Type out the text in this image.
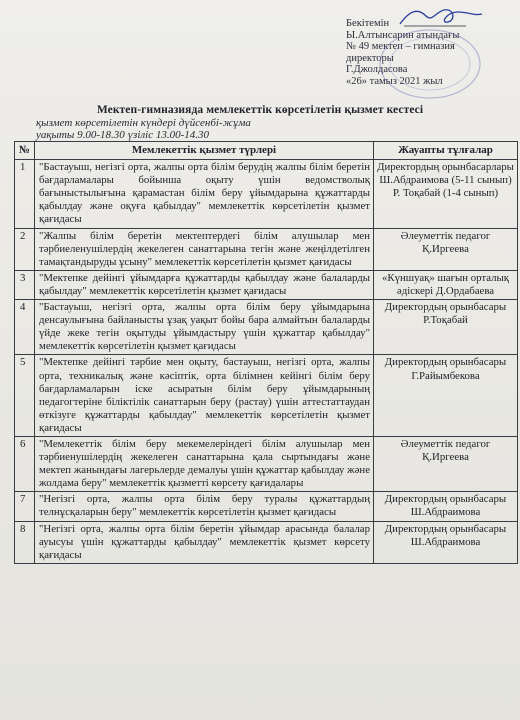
Бекітемін
Ы.Алтынсарин атындағы
№ 49 мектеп – гимназия
директоры
Г.Джолдасова
«26» тамыз 2021 жыл
Мектеп-гимназияда мемлекеттік көрсетілетін қызмет кестесі
қызмет көрсетілетін күндері дүйсенбі-жұма
уақыты 9.00-18.30 үзіліс 13.00-14.30
№	Мемлекеттік қызмет түрлері	Жауапты тұлғалар
1	"Бастауыш, негізгі орта, жалпы орта білім берудің жалпы білім беретін бағдарламалары бойынша оқыту үшін ведомстволық бағыныстылығына қарамастан білім беру ұйымдарына құжаттарды қабылдау және оқуға қабылдау" мемлекеттік көрсетілетін қызмет қағидасы	Директордың орынбасарлары Ш.Абдраимова (5-11 сынып) Р. Тоқабай (1-4 сынып)
2	"Жалпы білім беретін мектептердегі білім алушылар мен тәрбиеленушілердің жекелеген санаттарына тегін және жеңілдетілген тамақтандыруды ұсыну" мемлекеттік көрсетілетін қызмет қағидасы	Әлеуметтік педагог Қ.Иргеева
3	"Мектепке дейінгі ұйымдарға құжаттарды қабылдау және балаларды қабылдау" мемлекеттік көрсетілетін қызмет қағидасы	«Күншуақ» шағын орталық әдіскері Д.Ордабаева
4	"Бастауыш, негізгі орта, жалпы орта білім беру ұйымдарына денсаулығына байланысты ұзақ уақыт бойы бара алмайтын балаларды үйде жеке тегін оқытуды ұйымдастыру үшін құжаттар қабылдау" мемлекеттік көрсетілетін қызмет қағидасы	Директордың орынбасары Р.Тоқабай
5	"Мектепке дейінгі тәрбие мен оқыту, бастауыш, негізгі орта, жалпы орта, техникалық және кәсіптік, орта білімнен кейінгі білім беру бағдарламаларын іске асыратын білім беру ұйымдарының педагогтеріне біліктілік санаттарын беру (растау) үшін аттестаттаудан өткізуге құжаттарды қабылдау" мемлекеттік көрсетілетін қызмет қағидасы	Директордың орынбасары Г.Райымбекова
6	"Мемлекеттік білім беру мекемелеріндегі білім алушылар мен тәрбиенушілердің жекелеген санаттарына қала сыртындағы және мектеп жанындағы лагерьлерде демалуы үшін құжаттар қабылдау және жолдама беру" мемлекеттік қызметті көрсету қағидалары	Әлеуметтік педагог Қ.Иргеева
7	"Негізгі орта, жалпы орта білім беру туралы құжаттардың телнұсқаларын беру" мемлекеттік көрсетілетін қызмет қағидасы	Директордың орынбасары Ш.Абдраимова
8	"Негізгі орта, жалпы орта білім беретін ұйымдар арасында балалар ауысуы үшін құжаттарды қабылдау" мемлекеттік қызмет көрсету қағидасы	Директордың орынбасары Ш.Абдраимова
